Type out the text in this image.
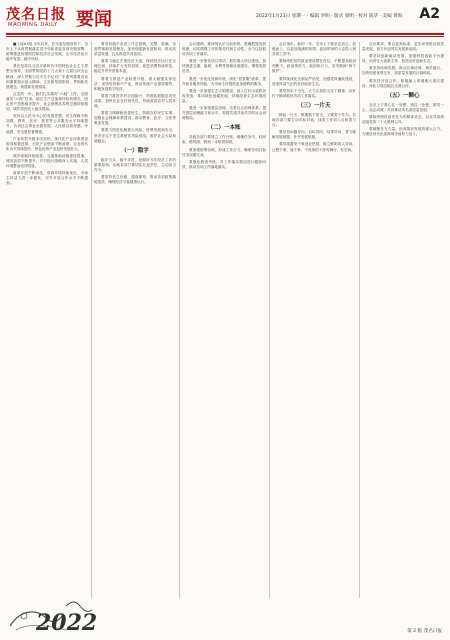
茂名日报
MAOMING DAILY 要闻	2022年1月21日 星期一 · 编辑 李明 · 版式 梁明 · 校对 陈华 · 美编 黄海 A2

■上接A1版 今年以来，在市委坚强领导下，全市上下认真贯彻落实党中央和省委各项决策部署，统筹推进疫情防控和经济社会发展，全市经济运行稳中有进、稳中向好。

我们坚持以习近平新时代中国特色社会主义思想为指导，全面贯彻党的十九大和十九届历次全会精神，深入贯彻习近平总书记对广东系列重要讲话和重要指示批示精神，立足新发展阶段、贯彻新发展理念、构建新发展格局。

过去的一年，我们扎实做好“六稳”工作，全面落实“六保”任务，地区生产总值保持较快增长，固定资产投资稳步提升，社会消费品零售总额持续增加，城乡居民收入稳步提高。

坚持以人民为中心的发展思想，民生保障不断加强，教育、医疗、养老等公共服务水平持续提升，各项社会事业全面发展，人民群众获得感、幸福感、安全感显著增强。

产业转型升级步伐加快，现代化产业体系建设取得积极进展，石化产业链条不断延伸，农业现代化水平持续提升，特色优势产业加快发展壮大。

城乡面貌持续改善，交通基础设施建设提速，城市品质不断提升，乡村振兴战略深入实施，人居环境整治成效明显。

改革开放不断深化，营商环境持续优化，市场主体活力进一步激发，对外开放合作水平不断提高。

要坚持稳中求进工作总基调，完整、准确、全面贯彻新发展理念，加快构建新发展格局，推动高质量发展，扎实推进共同富裕。

要着力稳定宏观经济大盘，保持经济运行在合理区间，持续扩大有效投资，促进消费持续恢复，稳定外贸外资基本盘。

要着力推进产业转型升级，做大做强实体经济，加快培育新兴产业，推动传统产业提质增效，积极发展数字经济。

要着力推进乡村全面振兴，巩固拓展脱贫攻坚成果，加快农业农村现代化，持续改善农村人居环境。

要着力保障和改善民生，持续办好民生实事，加强社会保障体系建设，推动教育、医疗、文化等事业发展。

要着力防范化解重大风险，统筹发展和安全，坚决守住不发生系统性风险底线，维护社会大局和谐稳定。

（一）稳字

稳字当头、稳中求进，是做好今年经济工作的重要原则。各地各部门要切实扛起责任，主动担当作为。

要坚持先立后破、通盘谋划，推动各项政策落地见效，确保经济平稳健康运行。

会议强调，要深刻认识当前形势，准确把握发展规律，切实增强工作的预见性和主动性，全力以赴抓好各项工作落实。

要进一步强化项目带动，抓好重大项目建设，加快推进交通、能源、水利等基础设施建设，增强发展后劲。

要进一步优化营商环境，深化“放管服”改革，提升政务服务效能，为市场主体提供更加便利的服务。

要进一步加强生态文明建设，深入打好污染防治攻坚战，推动绿色低碳发展，持续改善生态环境质量。

要进一步加强基层治理，完善社会治理体系，提升基层治理能力和水平，构建共建共治共享的社会治理格局。

（二）一本账

各级各部门要建立工作台账，明确任务书、时间表、路线图，做到一本账管到底。

要加强统筹协调，形成工作合力，确保各项目标任务如期完成。

要强化督查考核，对工作落实情况进行跟踪问效，推动各项工作落地落实。

会议指出，新的一年，全市上下要坚定信心、迎难而上，以更加饱满的热情、更加昂扬的斗志投入到各项工作中。

要始终把党的政治建设摆在首位，不断提高政治判断力、政治领悟力、政治执行力，坚决做到“两个维护”。

要持续深化全面从严治党，加强党风廉政建设，营造风清气正的良好政治生态。

要坚持实干为先，大力弘扬担当实干精神，以钉钉子精神抓好各项工作落实。

（三）一片天

撑起一片天，既要敢于担当，又要善于作为。各地各部门要主动对标对表，找准工作切入点和着力点。

要坚持问题导向、目标导向、结果导向，着力破解发展难题，补齐发展短板。

要持续激发干事创业热情，树立鲜明用人导向，让想干事、能干事、干成事的干部有舞台、有空间。

会议要求，要以更高标准、更实举措推动高质量发展，奋力开创茂名发展新局面。

要坚持创新驱动发展，加强科技创新平台建设，培育壮大创新主体，营造良好创新生态。

要坚持协调发展，推动区域协调、城乡融合，加快构建优势互补、高质量发展的区域格局。

要坚持开放合作，积极融入粤港澳大湾区建设，深化与周边地区交流合作。

（五）一颗心

全市上下要心往一处想、劲往一处使，团结一心、众志成城，共同推动茂名高质量发展。

要始终保持奋发有为的精神状态，以优异成绩迎接党的二十大胜利召开。

要凝聚各方力量，形成推动发展的强大合力，为建设现代化滨海城市而努力奋斗。

2022	第 2 版 茂名日报
